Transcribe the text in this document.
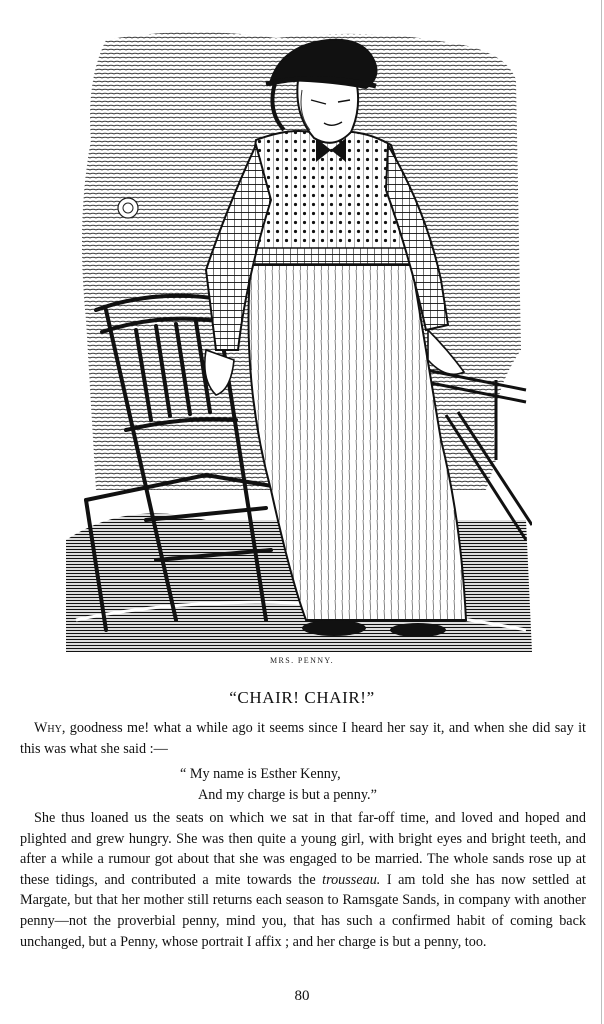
MRS. PENNY.
“CHAIR! CHAIR!”
Why, goodness me! what a while ago it seems since I heard her say it, and when she did say it this was what she said :—
“ My name is Esther Kenny,
And my charge is but a penny.”
She thus loaned us the seats on which we sat in that far-off time, and loved and hoped and plighted and grew hungry. She was then quite a young girl, with bright eyes and bright teeth, and after a while a rumour got about that she was engaged to be married. The whole sands rose up at these tidings, and contributed a mite towards the trousseau. I am told she has now settled at Margate, but that her mother still returns each season to Ramsgate Sands, in company with another penny—not the proverbial penny, mind you, that has such a confirmed habit of coming back unchanged, but a Penny, whose portrait I affix ; and her charge is but a penny, too.
80
